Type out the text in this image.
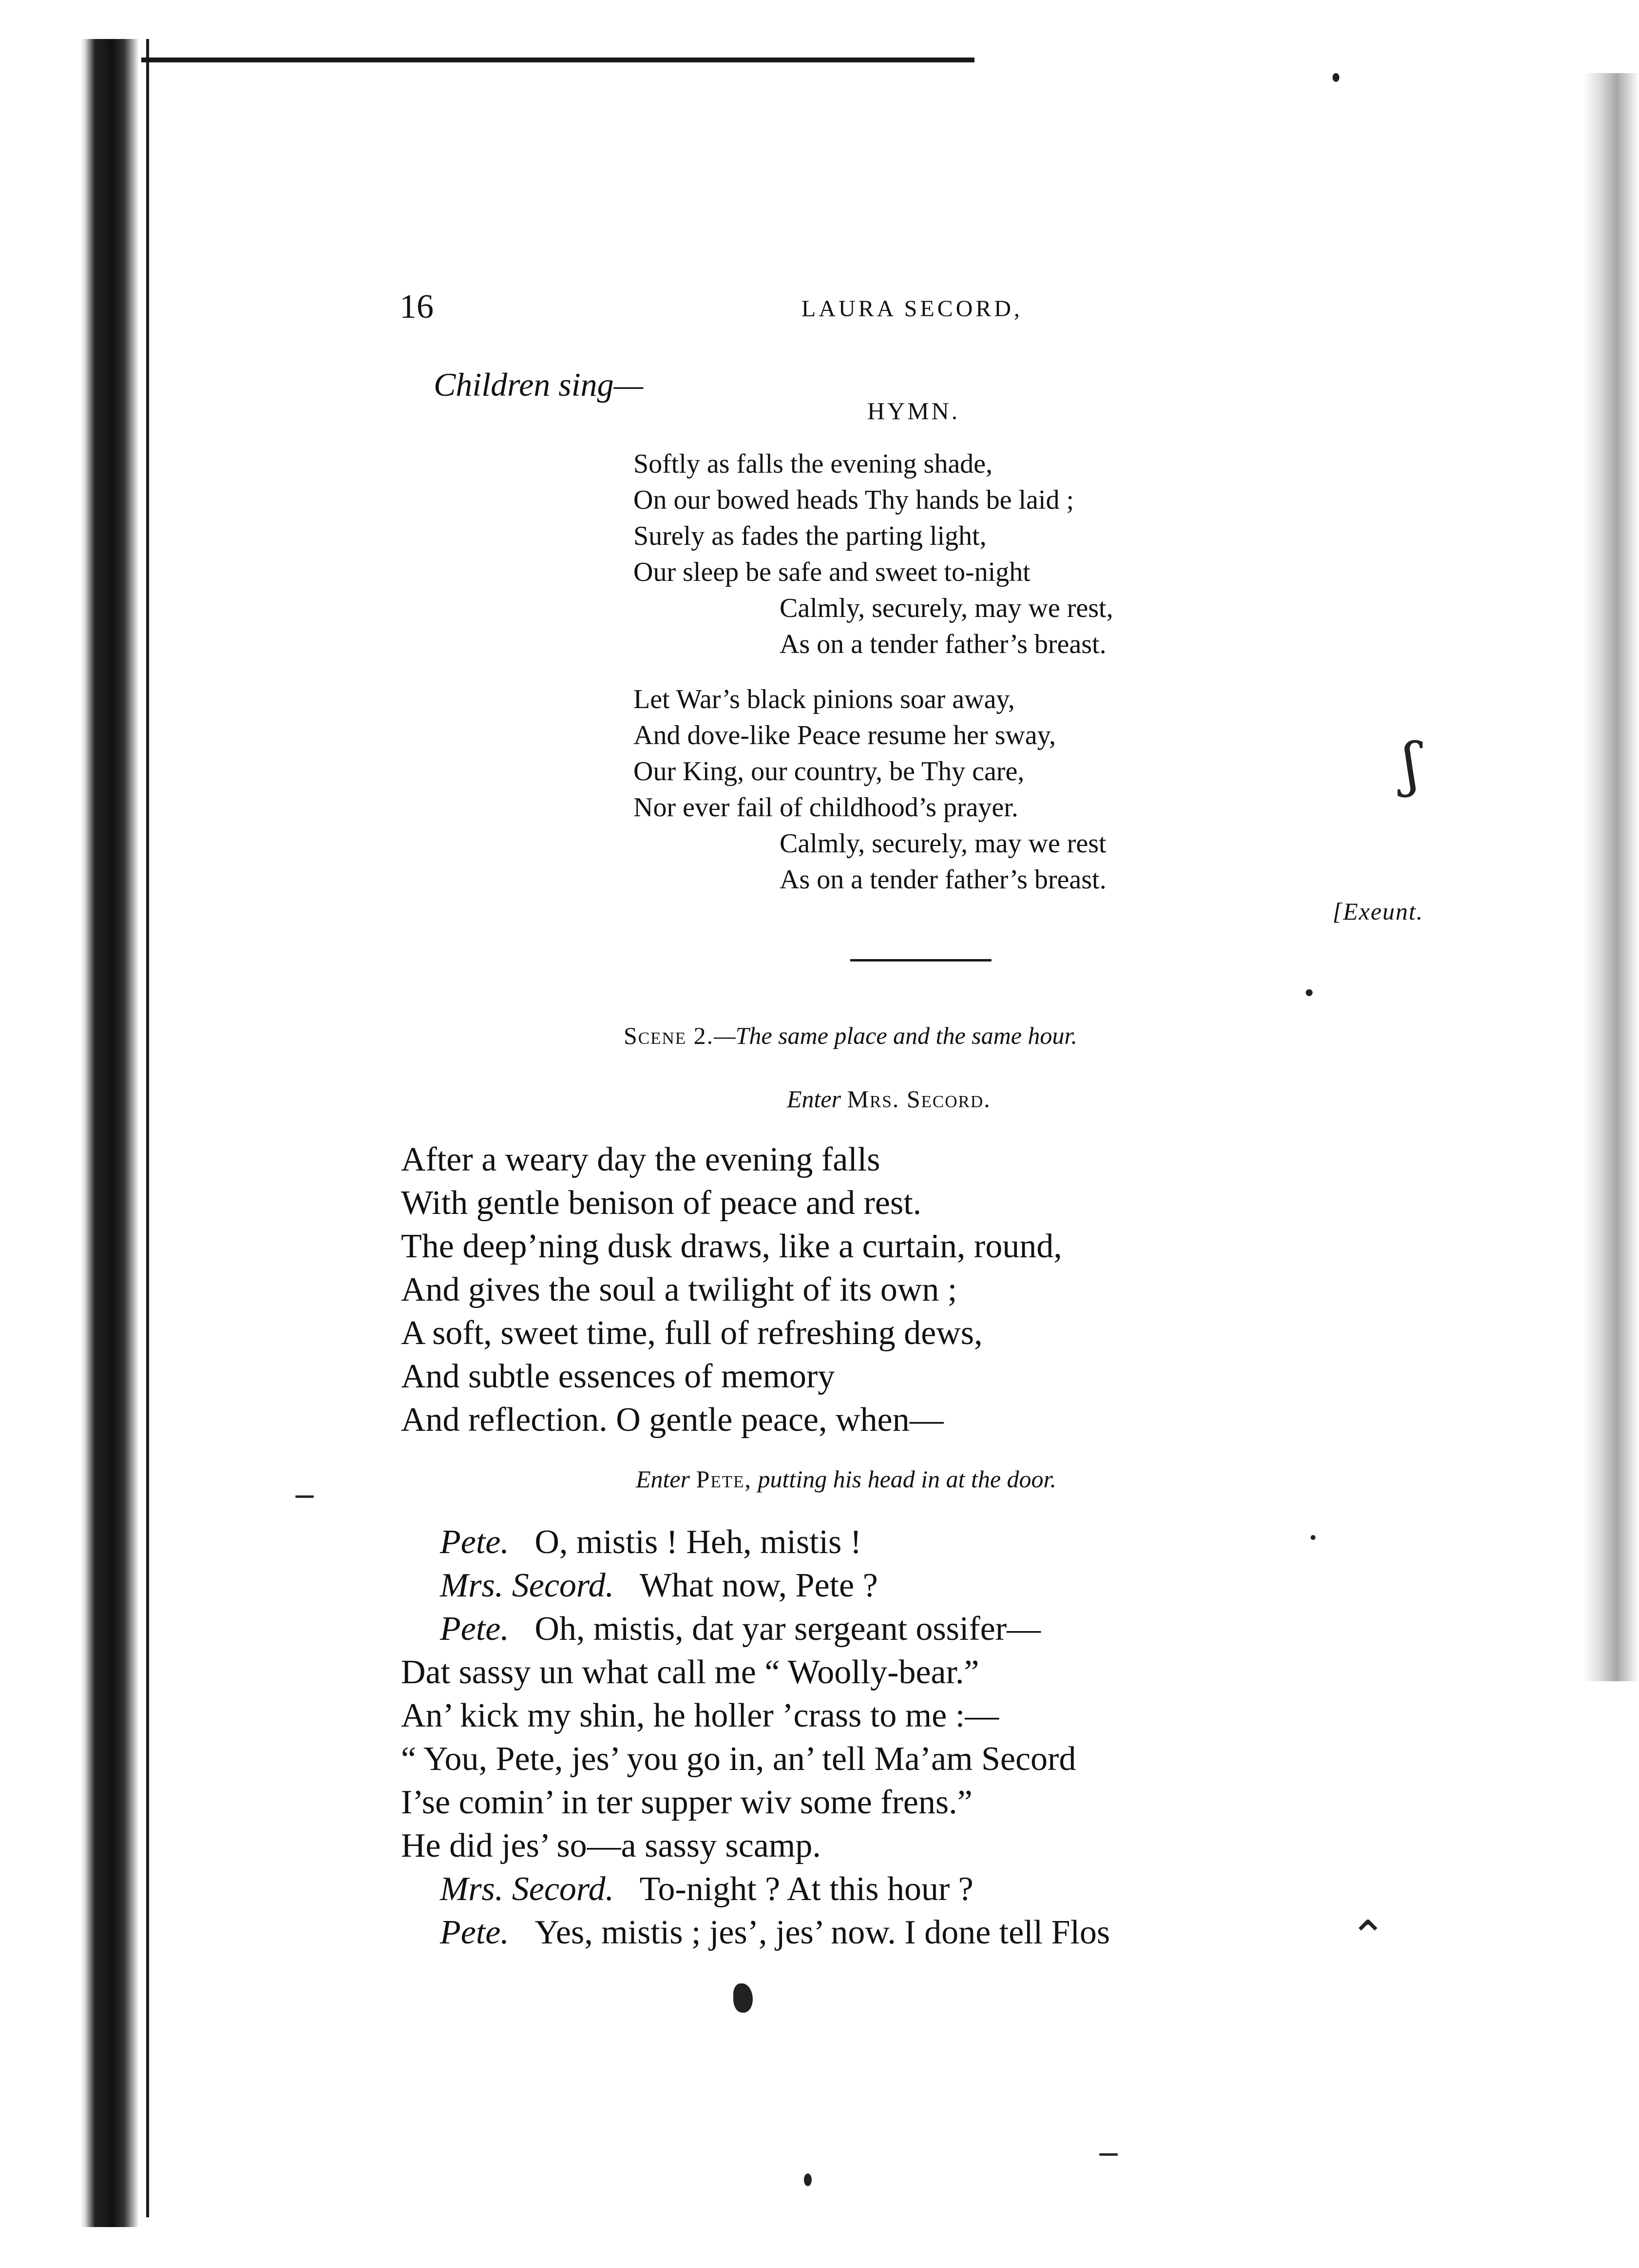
16	LAURA SECORD,
Children sing—
HYMN.
Softly as falls the evening shade,
On our bowed heads Thy hands be laid ;
Surely as fades the parting light,
Our sleep be safe and sweet to-night
Calmly, securely, may we rest,
As on a tender father’s breast.
Let War’s black pinions soar away,
And dove-like Peace resume her sway,
Our King, our country, be Thy care,
Nor ever fail of childhood’s prayer.
Calmly, securely, may we rest
As on a tender father’s breast.
[Exeunt.
Scene 2.—The same place and the same hour.
Enter Mrs. Secord.
After a weary day the evening falls
With gentle benison of peace and rest.
The deep’ning dusk draws, like a curtain, round,
And gives the soul a twilight of its own ;
A soft, sweet time, full of refreshing dews,
And subtle essences of memory
And reflection. O gentle peace, when—
Enter Pete, putting his head in at the door.
Pete. O, mistis ! Heh, mistis !
Mrs. Secord. What now, Pete ?
Pete. Oh, mistis, dat yar sergeant ossifer—
Dat sassy un what call me “ Woolly-bear.”
An’ kick my shin, he holler ’crass to me :—
“ You, Pete, jes’ you go in, an’ tell Ma’am Secord
I’se comin’ in ter supper wiv some frens.”
He did jes’ so—a sassy scamp.
Mrs. Secord. To-night ? At this hour ?
Pete. Yes, mistis ; jes’, jes’ now. I done tell Flos
ʃ
⌃
−
−
